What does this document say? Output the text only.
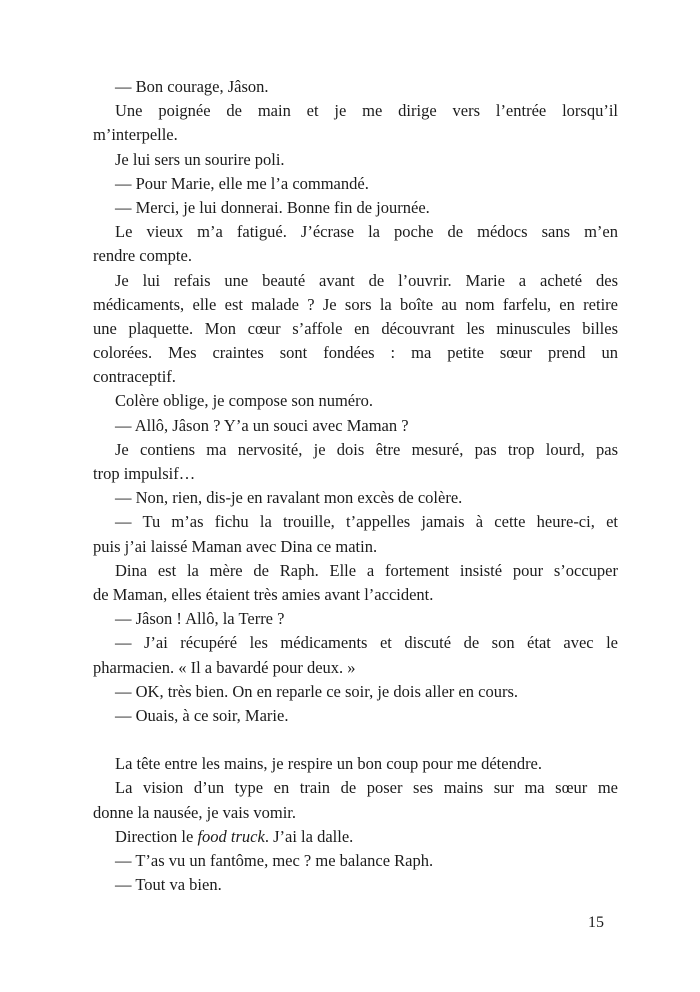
— Bon courage, Jâson.

Une poignée de main et je me dirige vers l’entrée lorsqu’il
m’interpelle.

Je lui sers un sourire poli.

— Pour Marie, elle me l’a commandé.

— Merci, je lui donnerai. Bonne fin de journée.

Le vieux m’a fatigué. J’écrase la poche de médocs sans m’en
rendre compte.

Je lui refais une beauté avant de l’ouvrir. Marie a acheté des
médicaments, elle est malade ? Je sors la boîte au nom farfelu, en retire
une plaquette. Mon cœur s’affole en découvrant les minuscules billes
colorées. Mes craintes sont fondées : ma petite sœur prend un
contraceptif.

Colère oblige, je compose son numéro.

— Allô, Jâson ? Y’a un souci avec Maman ?

Je contiens ma nervosité, je dois être mesuré, pas trop lourd, pas
trop impulsif…

— Non, rien, dis-je en ravalant mon excès de colère.

— Tu m’as fichu la trouille, t’appelles jamais à cette heure-ci, et
puis j’ai laissé Maman avec Dina ce matin.

Dina est la mère de Raph. Elle a fortement insisté pour s’occuper
de Maman, elles étaient très amies avant l’accident.

— Jâson ! Allô, la Terre ?

— J’ai récupéré les médicaments et discuté de son état avec le
pharmacien. « Il a bavardé pour deux. »

— OK, très bien. On en reparle ce soir, je dois aller en cours.

— Ouais, à ce soir, Marie.

La tête entre les mains, je respire un bon coup pour me détendre.

La vision d’un type en train de poser ses mains sur ma sœur me
donne la nausée, je vais vomir.

Direction le food truck. J’ai la dalle.

— T’as vu un fantôme, mec ? me balance Raph.

— Tout va bien.

15
